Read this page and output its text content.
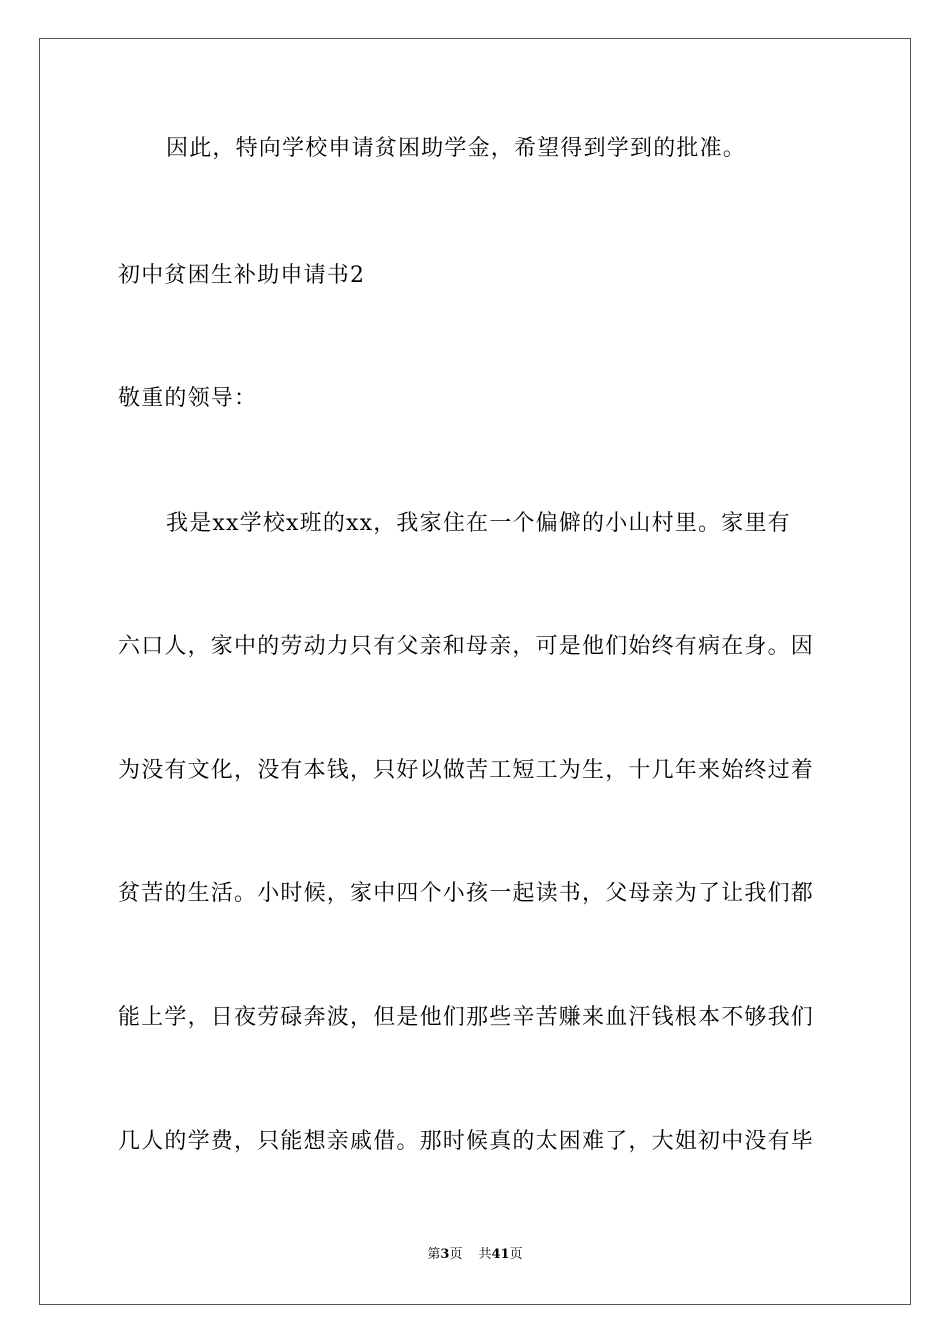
因此，特向学校申请贫困助学金，希望得到学到的批准。
初中贫困生补助申请书2
敬重的领导：
我是xx学校x班的xx，我家住在一个偏僻的小山村里。家里有
六口人，家中的劳动力只有父亲和母亲，可是他们始终有病在身。因
为没有文化，没有本钱，只好以做苦工短工为生，十几年来始终过着
贫苦的生活。小时候，家中四个小孩一起读书，父母亲为了让我们都
能上学，日夜劳碌奔波，但是他们那些辛苦赚来血汗钱根本不够我们
几人的学费，只能想亲戚借。那时候真的太困难了，大姐初中没有毕
第3页 共41页
